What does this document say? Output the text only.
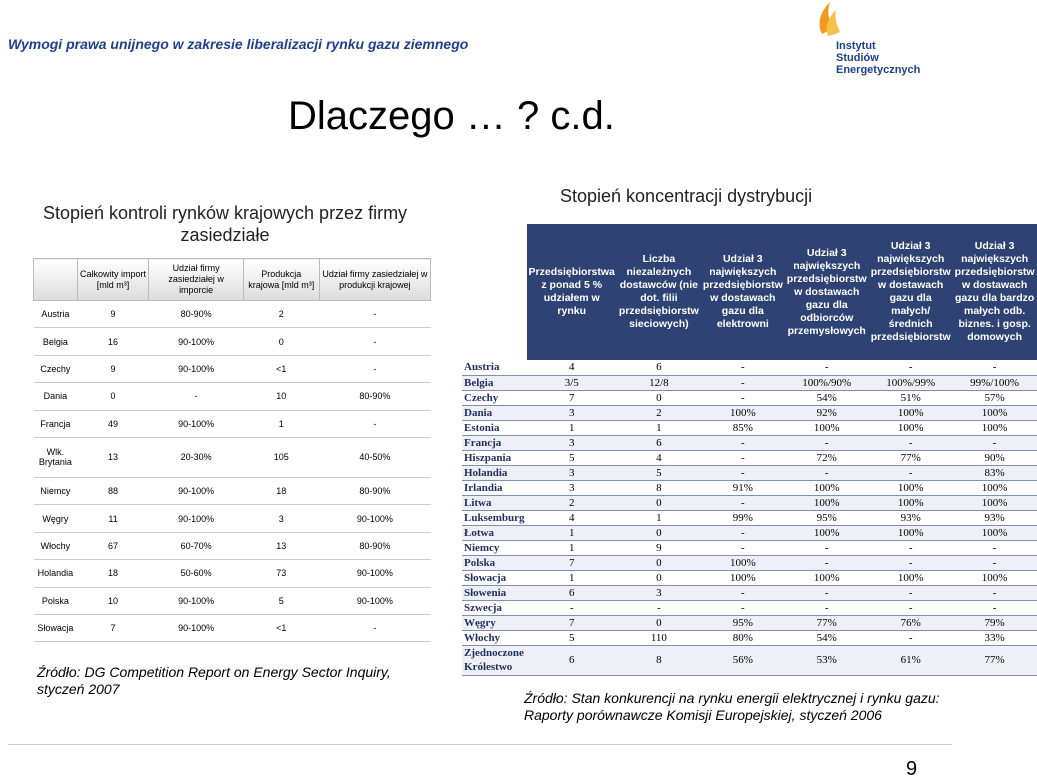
Wymogi prawa unijnego w zakresie liberalizacji rynku gazu ziemnego	Instytut
Studiów Energetycznych
Dlaczego … ? c.d.
Stopień kontroli rynków krajowych przez firmy zasiedziałe
	Całkowity import [mld m³]	Udział firmy zasiedziałej w imporcie	Produkcja krajowa [mld m³]	Udział firmy zasiedziałej w produkcji krajowej
Austria	9	80-90%	2	-
Belgia	16	90-100%	0	-
Czechy	9	90-100%	<1	-
Dania	0	-	10	80-90%
Francja	49	90-100%	1	-
Wlk. Brytania	13	20-30%	105	40-50%
Niemcy	88	90-100%	18	80-90%
Węgry	11	90-100%	3	90-100%
Włochy	67	60-70%	13	80-90%
Holandia	18	50-60%	73	90-100%
Polska	10	90-100%	5	90-100%
Słowacja	7	90-100%	<1	-
Źródło: DG Competition Report on Energy Sector Inquiry, styczeń 2007
Stopień koncentracji dystrybucji
	Przedsiębiorstwa z ponad 5 % udziałem w rynku	Liczba niezależnych dostawców (nie dot. filii przedsiębiorstw sieciowych)	Udział 3 największych przedsiębiorstw w dostawach gazu dla elektrowni	Udział 3 największych przedsiębiorstw w dostawach gazu dla odbiorców przemysłowych	Udział 3 największych przedsiębiorstw w dostawach gazu dla małych/średnich przedsiębiorstw	Udział 3 największych przedsiębiorstw w dostawach gazu dla bardzo małych odb. biznes. i gosp. domowych
Austria	4	6	-	-	-	-
Belgia	3/5	12/8	-	100%/90%	100%/99%	99%/100%
Czechy	7	0	-	54%	51%	57%
Dania	3	2	100%	92%	100%	100%
Estonia	1	1	85%	100%	100%	100%
Francja	3	6	-	-	-	-
Hiszpania	5	4	-	72%	77%	90%
Holandia	3	5	-	-	-	83%
Irlandia	3	8	91%	100%	100%	100%
Litwa	2	0	-	100%	100%	100%
Luksemburg	4	1	99%	95%	93%	93%
Łotwa	1	0	-	100%	100%	100%
Niemcy	1	9	-	-	-	-
Polska	7	0	100%	-	-	-
Słowacja	1	0	100%	100%	100%	100%
Słowenia	6	3	-	-	-	-
Szwecja	-	-	-	-	-	-
Węgry	7	0	95%	77%	76%	79%
Włochy	5	110	80%	54%	-	33%
Zjednoczone Królestwo	6	8	56%	53%	61%	77%
Źródło: Stan konkurencji na rynku energii elektrycznej i rynku gazu:
Raporty porównawcze Komisji Europejskiej, styczeń 2006
9
